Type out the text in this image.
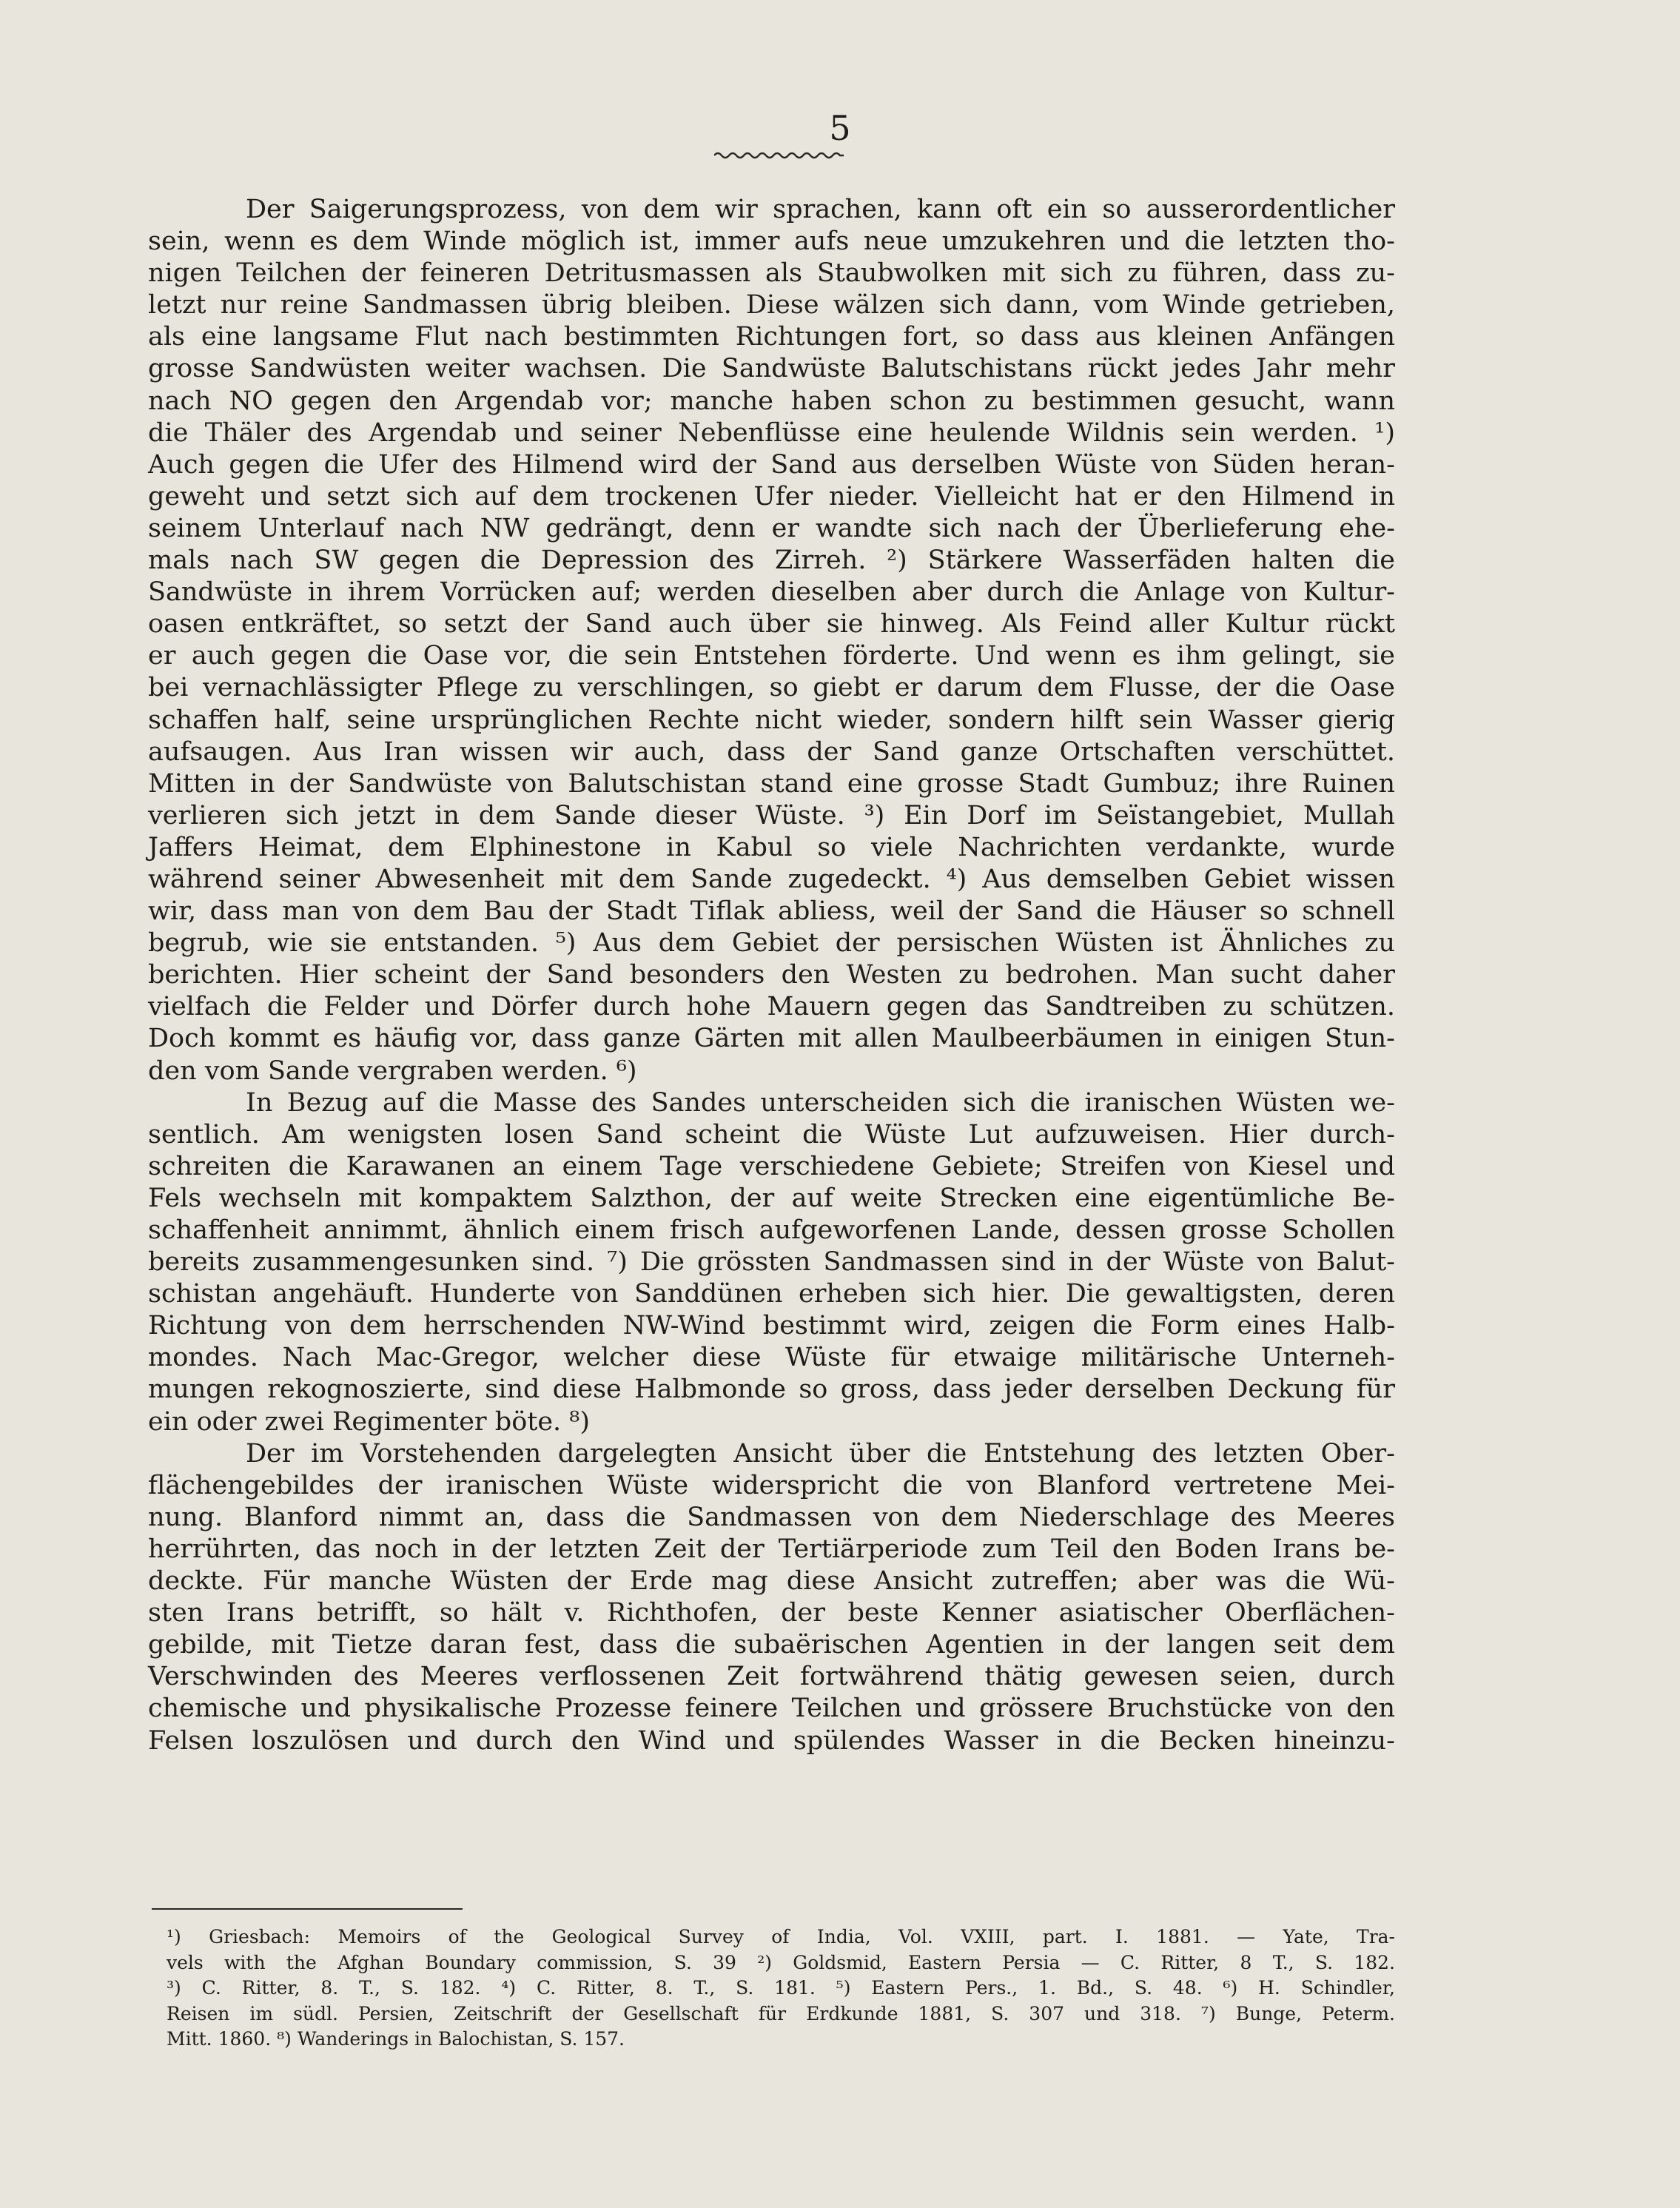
5

Der Saigerungsprozess, von dem wir sprachen, kann oft ein so ausserordentlicher

sein, wenn es dem Winde möglich ist, immer aufs neue umzukehren und die letzten tho-

nigen Teilchen der feineren Detritusmassen als Staubwolken mit sich zu führen, dass zu-

letzt nur reine Sandmassen übrig bleiben. Diese wälzen sich dann, vom Winde getrieben,

als eine langsame Flut nach bestimmten Richtungen fort, so dass aus kleinen Anfängen

grosse Sandwüsten weiter wachsen. Die Sandwüste Balutschistans rückt jedes Jahr mehr

nach NO gegen den Argendab vor; manche haben schon zu bestimmen gesucht, wann

die Thäler des Argendab und seiner Nebenflüsse eine heulende Wildnis sein werden. ¹)

Auch gegen die Ufer des Hilmend wird der Sand aus derselben Wüste von Süden heran-

geweht und setzt sich auf dem trockenen Ufer nieder. Vielleicht hat er den Hilmend in

seinem Unterlauf nach NW gedrängt, denn er wandte sich nach der Überlieferung ehe-

mals nach SW gegen die Depression des Zirreh. ²) Stärkere Wasserfäden halten die

Sandwüste in ihrem Vorrücken auf; werden dieselben aber durch die Anlage von Kultur-

oasen entkräftet, so setzt der Sand auch über sie hinweg. Als Feind aller Kultur rückt

er auch gegen die Oase vor, die sein Entstehen förderte. Und wenn es ihm gelingt, sie

bei vernachlässigter Pflege zu verschlingen, so giebt er darum dem Flusse, der die Oase

schaffen half, seine ursprünglichen Rechte nicht wieder, sondern hilft sein Wasser gierig

aufsaugen. Aus Iran wissen wir auch, dass der Sand ganze Ortschaften verschüttet.

Mitten in der Sandwüste von Balutschistan stand eine grosse Stadt Gumbuz; ihre Ruinen

verlieren sich jetzt in dem Sande dieser Wüste. ³) Ein Dorf im Seïstangebiet, Mullah

Jaffers Heimat, dem Elphinestone in Kabul so viele Nachrichten verdankte, wurde

während seiner Abwesenheit mit dem Sande zugedeckt. ⁴) Aus demselben Gebiet wissen

wir, dass man von dem Bau der Stadt Tiflak abliess, weil der Sand die Häuser so schnell

begrub, wie sie entstanden. ⁵) Aus dem Gebiet der persischen Wüsten ist Ähnliches zu

berichten. Hier scheint der Sand besonders den Westen zu bedrohen. Man sucht daher

vielfach die Felder und Dörfer durch hohe Mauern gegen das Sandtreiben zu schützen.

Doch kommt es häufig vor, dass ganze Gärten mit allen Maulbeerbäumen in einigen Stun-

den vom Sande vergraben werden. ⁶)

In Bezug auf die Masse des Sandes unterscheiden sich die iranischen Wüsten we-

sentlich. Am wenigsten losen Sand scheint die Wüste Lut aufzuweisen. Hier durch-

schreiten die Karawanen an einem Tage verschiedene Gebiete; Streifen von Kiesel und

Fels wechseln mit kompaktem Salzthon, der auf weite Strecken eine eigentümliche Be-

schaffenheit annimmt, ähnlich einem frisch aufgeworfenen Lande, dessen grosse Schollen

bereits zusammengesunken sind. ⁷) Die grössten Sandmassen sind in der Wüste von Balut-

schistan angehäuft. Hunderte von Sanddünen erheben sich hier. Die gewaltigsten, deren

Richtung von dem herrschenden NW-Wind bestimmt wird, zeigen die Form eines Halb-

mondes. Nach Mac-Gregor, welcher diese Wüste für etwaige militärische Unterneh-

mungen rekognoszierte, sind diese Halbmonde so gross, dass jeder derselben Deckung für

ein oder zwei Regimenter böte. ⁸)

Der im Vorstehenden dargelegten Ansicht über die Entstehung des letzten Ober-

flächengebildes der iranischen Wüste widerspricht die von Blanford vertretene Mei-

nung. Blanford nimmt an, dass die Sandmassen von dem Niederschlage des Meeres

herrührten, das noch in der letzten Zeit der Tertiärperiode zum Teil den Boden Irans be-

deckte. Für manche Wüsten der Erde mag diese Ansicht zutreffen; aber was die Wü-

sten Irans betrifft, so hält v. Richthofen, der beste Kenner asiatischer Oberflächen-

gebilde, mit Tietze daran fest, dass die subaërischen Agentien in der langen seit dem

Verschwinden des Meeres verflossenen Zeit fortwährend thätig gewesen seien, durch

chemische und physikalische Prozesse feinere Teilchen und grössere Bruchstücke von den

Felsen loszulösen und durch den Wind und spülendes Wasser in die Becken hineinzu-

¹) Griesbach: Memoirs of the Geological Survey of India, Vol. VXIII, part. I. 1881. — Yate, Tra-

vels with the Afghan Boundary commission, S. 39 ²) Goldsmid, Eastern Persia — C. Ritter, 8 T., S. 182.

³) C. Ritter, 8. T., S. 182. ⁴) C. Ritter, 8. T., S. 181. ⁵) Eastern Pers., 1. Bd., S. 48. ⁶) H. Schindler,

Reisen im südl. Persien, Zeitschrift der Gesellschaft für Erdkunde 1881, S. 307 und 318. ⁷) Bunge, Peterm.

Mitt. 1860. ⁸) Wanderings in Balochistan, S. 157.
